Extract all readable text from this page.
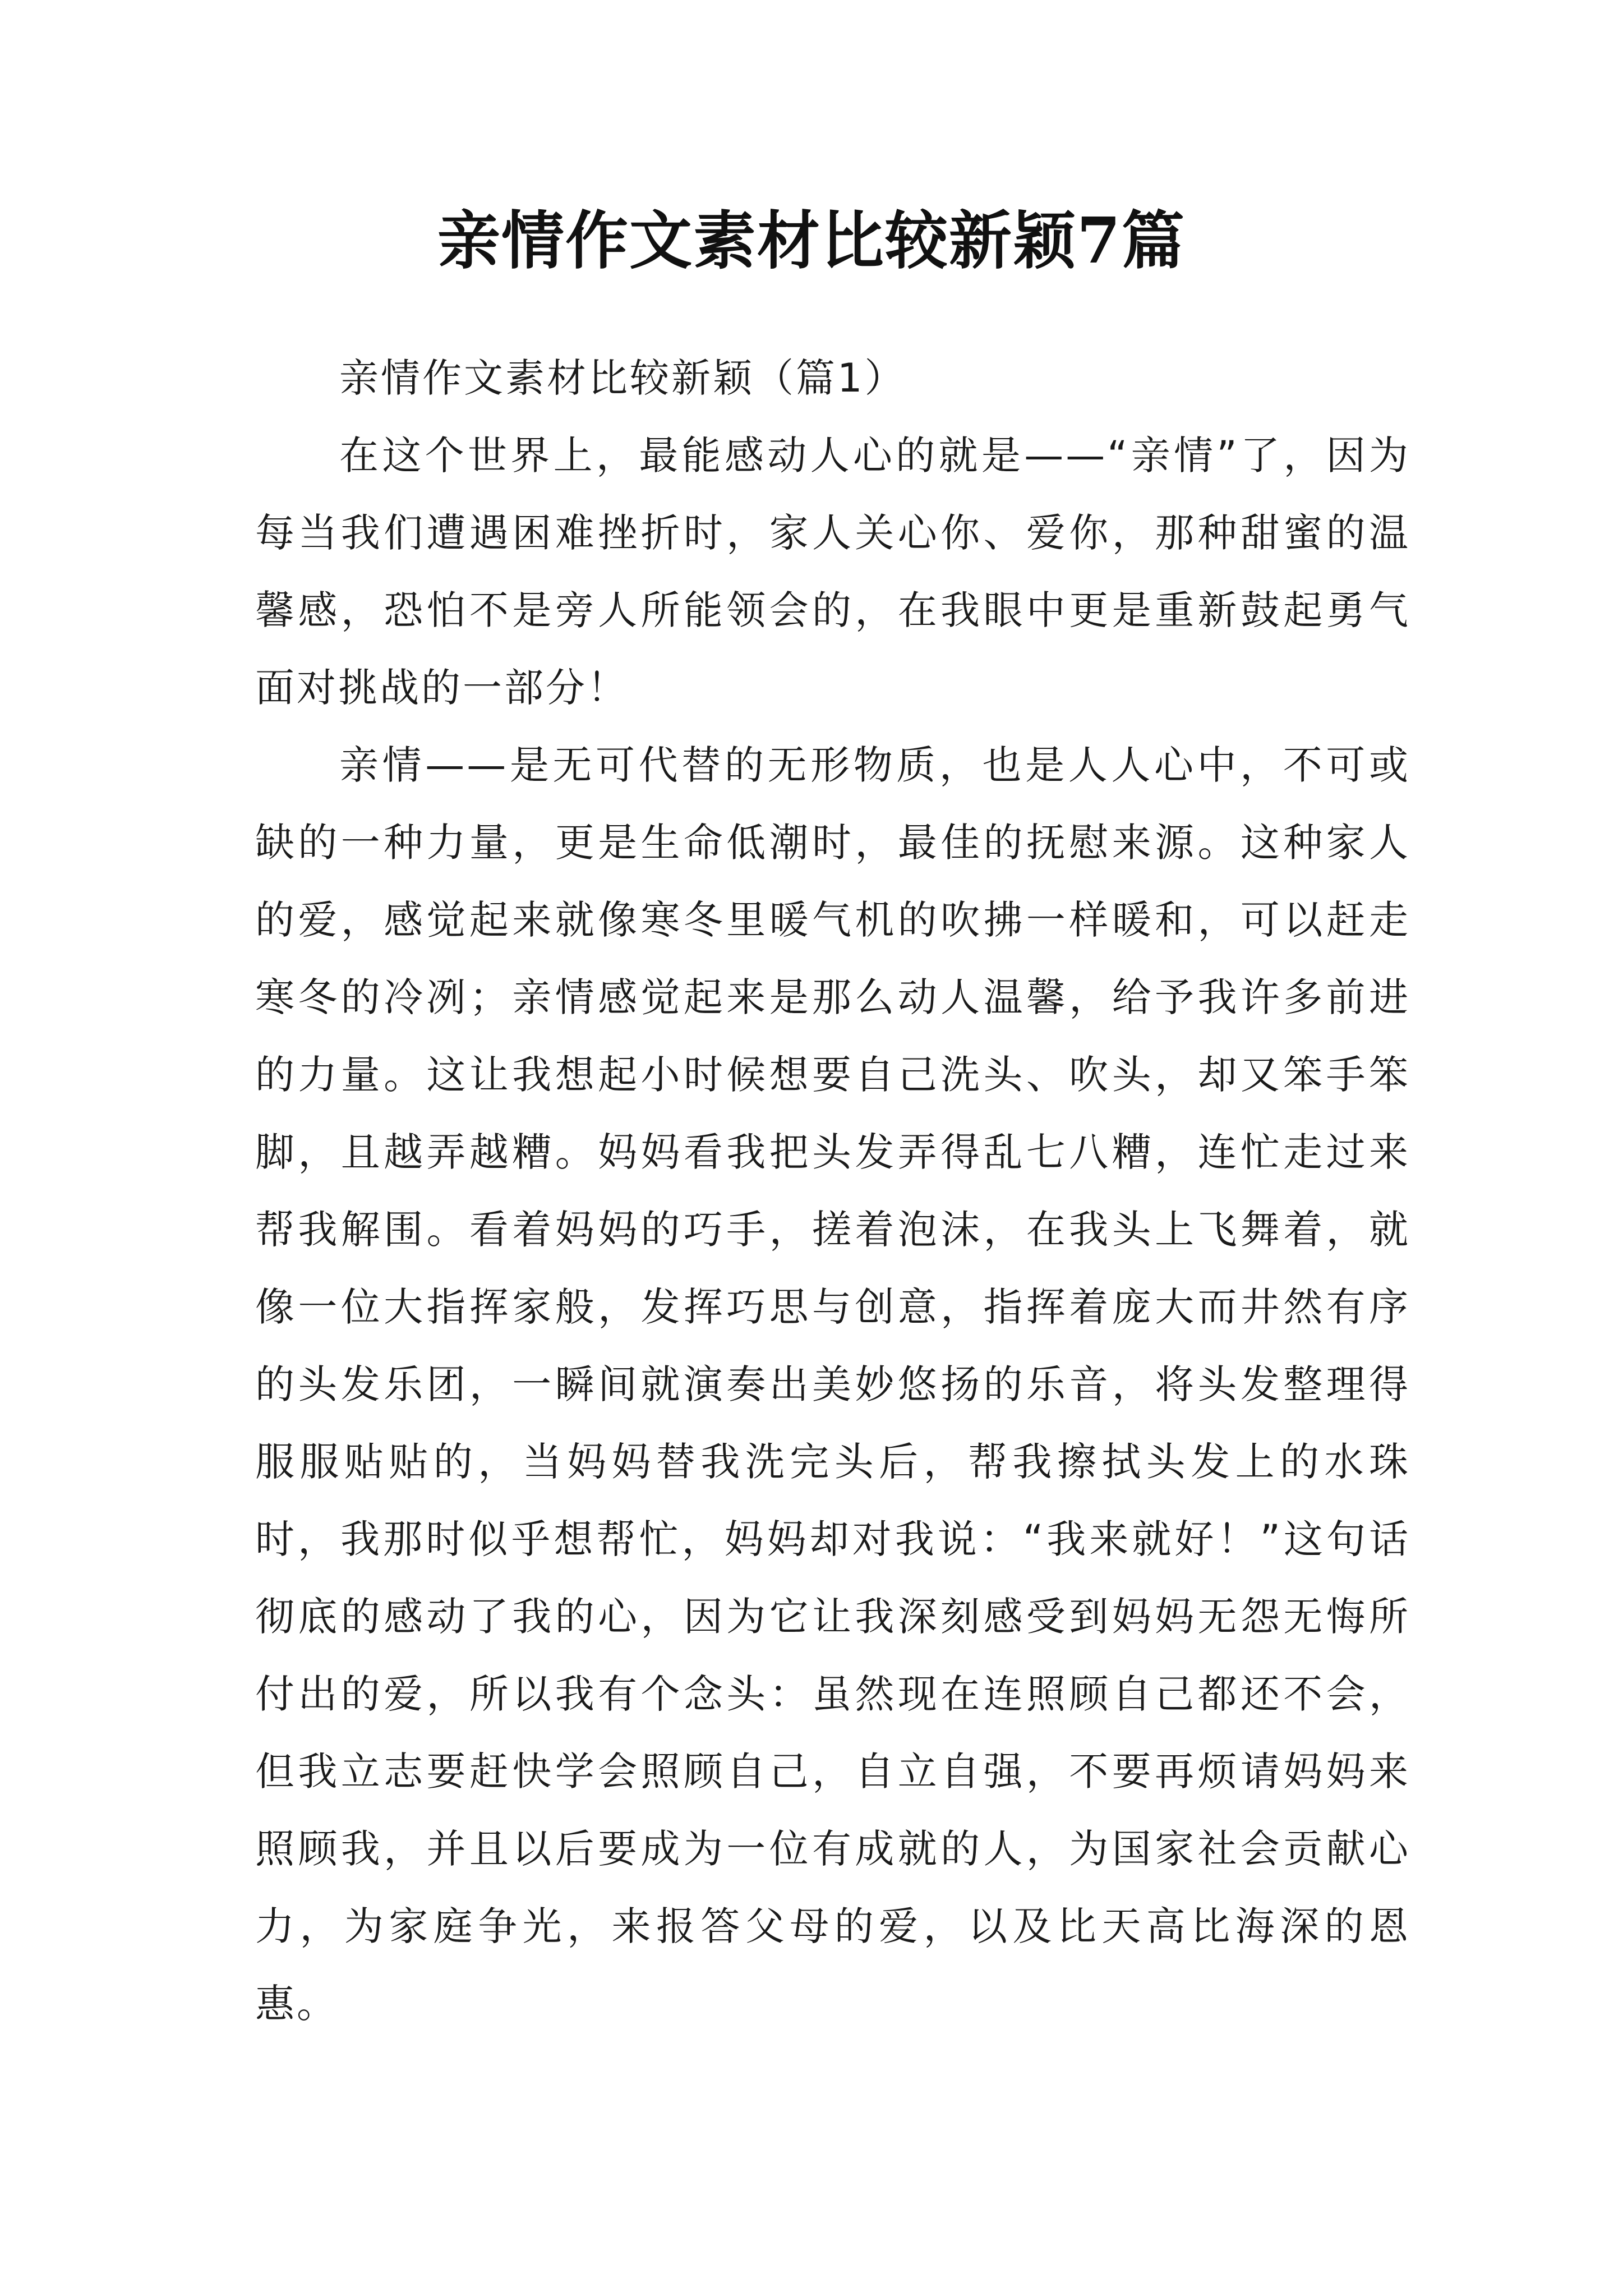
亲情作文素材比较新颖7篇

亲情作文素材比较新颖（篇1）

在这个世界上，最能感动人心的就是——“亲情”了，因为每当我们遭遇困难挫折时，家人关心你、爱你，那种甜蜜的温馨感，恐怕不是旁人所能领会的，在我眼中更是重新鼓起勇气面对挑战的一部分！

亲情——是无可代替的无形物质，也是人人心中，不可或缺的一种力量，更是生命低潮时，最佳的抚慰来源。这种家人的爱，感觉起来就像寒冬里暖气机的吹拂一样暖和，可以赶走寒冬的冷冽；亲情感觉起来是那么动人温馨，给予我许多前进的力量。这让我想起小时候想要自己洗头、吹头，却又笨手笨脚，且越弄越糟。妈妈看我把头发弄得乱七八糟，连忙走过来帮我解围。看着妈妈的巧手，搓着泡沫，在我头上飞舞着，就像一位大指挥家般，发挥巧思与创意，指挥着庞大而井然有序的头发乐团，一瞬间就演奏出美妙悠扬的乐音，将头发整理得服服贴贴的，当妈妈替我洗完头后，帮我擦拭头发上的水珠时，我那时似乎想帮忙，妈妈却对我说：“我来就好！”这句话彻底的感动了我的心，因为它让我深刻感受到妈妈无怨无悔所付出的爱，所以我有个念头：虽然现在连照顾自己都还不会，但我立志要赶快学会照顾自己，自立自强，不要再烦请妈妈来照顾我，并且以后要成为一位有成就的人，为国家社会贡献心力，为家庭争光，来报答父母的爱，以及比天高比海深的恩惠。
